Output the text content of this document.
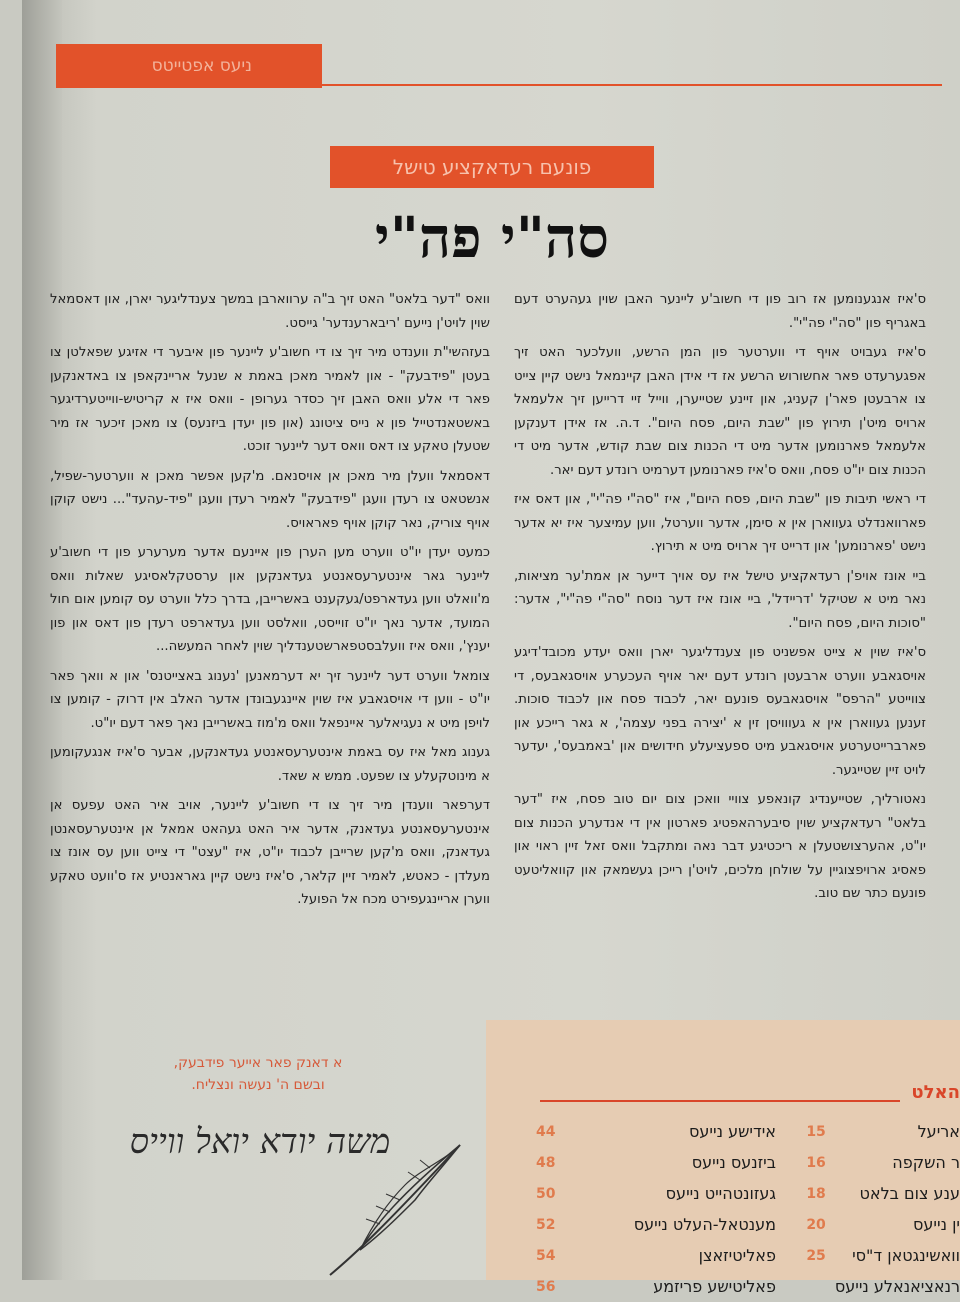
ניעס אפטייטס
פונעם רעדאקציע טישל
סה"י פה"י

ס'איז אנגענומען אז רוב פון די חשוב'ע ליינער האבן שוין געהערט דעם באגריף פון "סה"י פה"י".

ס'איז געבויט אויף די ווערטער פון המן הרשע, וועלכער האט זיך אפגערעדט פאר אחשורוש הרשע אז די אידן האבן קיינמאל נישט קיין צייט צו ארבעטן פאר'ן קעניג, און זיינע שטייערן, ווייל זיי דרייען זיך אלעמאל ארויס מיט'ן תירוץ פון "שבת היום, פסח היום". ד.ה. אז אידן דענקען אלעמאל פארנומען אדער מיט די הכנות צום שבת קודש, אדער מיט די הכנות צום יו"ט פסח, וואס ס'איז פארנומען דערמיט רונדע דעם יאר.

די ראשי תיבות פון "שבת היום, פסח היום", איז "סה"י פה"י", און דאס איז פארוואנדלט געווארן אין א סימן, אדער ווערטל, ווען עמיצער איז יא אדער נישט 'פארנומען' און דרייט זיך ארויס מיט א תירוץ.

ביי אונז אויפ'ן רעדאקציע טישל איז עס אויך דייער אן אמת'ער מציאות, נאר מיט א שטיקל 'דריידל', ביי אונז איז דער נוסח "סה"י פה"י", אדער: "סוכות היום, פסח היום".

ס'איז שוין א צייט אפשניט פון צענדליגער יארן וואס יעדע מכובד'דיגע אויסגאבע ווערט ארבעטן רונדע דעם יאר אויף העכערע אויסגאבעס, די צווייטע "הרפס" אויסגאבעס פונעם יאר, לכבוד פסח און לכבוד סוכות. זענען געווארן אין א געווויסן זין א 'יצירה בפני עצמה', א גאר רייכע און פארברייטערטע אויסגאבע מיט ספעציעלע חידושים און 'באמבעס', יעדער לויט זיין שטייגער.

נאטורליך, שטייענדיג קונאפע צוויי וואכן צום יום טוב פסח, איז "דער בלאט" רעדאקציע שוין סיבערהאפטיג פארטון אין די אנדערע הכנות צום יו"ט, אהערצושטעלן א ריכטיגע דבר נאה ומתקבל וואס זאל זיין ראוי און פאסיג ארויפצוגיין על שולחן מלכים, לויט'ן רייכן געשמאק און קוואליטעט פונעם כתר שם טוב.

וואס "דער בלאט" האט זיך ב"ה ערווארבן במשך צענדליגער יארן, און דאסמאל שוין לויט'ן נייעם 'ריבארענדער' גייסט.

בעזהשי"ת ווענדט מיר זיך צו די חשוב'ע ליינער פון איבער די אזיגע שפאלטן צו בעטן "פידבעק" - און לאמיר מאכן באמת א שנעל אריינקאפן צו באדאנקען פאר די אלע וואס האבן זיך כסדר גערופן - וואס איז א קריטיש-ווייטערדיגער באשטאנדטייל פון א נייס ציטונג (און פון יעדן ביזנעס) צו מאכן זיכער אז מיר שטעלן טאקע צו דאס וואס דער ליינער זוכט.

דאסמאל וועלן מיר מאכן אן אויסנאם. מ'קען אפשר מאכן א ווערטער-שפיל, אנשטאט צו רעדן וועגן "פידבעק" לאמיר רעדן וועגן "פיד-עהעד"... נישט קוקן אויף צוריק, נאר קוקן אויף פאראויס.

כמעט יעדן יו"ט ווערט מען הערן פון איינעם אדער מערערע פון די חשוב'ע ליינער גאר אינטערעסאנטע געדאנקען און ערסטקלאסיגע שאלות וואס מ'וואלט ווען געדארפט/געקענט באשרייבן, בדרך כלל ווערט עס קומען אום חול המועד, אדער נאך יו"ט זוייסט, וואלסט ווען געדארפט רעדן פון דאס און פון יענץ', וואס איז וועלבסטפארשטענדליך שוין לאחר המעשה...

צומאל ווערט דער ליינער זיך יא דערמאנען 'נענוג באצייטנס' און א וואך פאר יו"ט - ווען די אויסגאבע איז שוין איינגעבונדן אדער האלב אין דרוק - קומען צו לויפן מיט א נעגיאלער איינפאל וואס מ'מוז באשרייבן נאך פאר דעם יו"ט.

גענוג מאל איז עס באמת אינטערעסאנטע געדאנקען, אבער ס'איז אנגעקומען א מינוטקעלע צו שפעט. ממש א שאד.

דערפאר ווענדן מיר זיך צו די חשוב'ע ליינער, אויב איר האט עפעס אן אינטערעסאנטע געדאנק, אדער איר האט געהאט אמאל אן אינטערעסאנטן געדאנק, וואס מ'קען שרייבן לכבוד יו"ט, איז "עצט" די צייט ווען עס אונז צו מעלדן - כאטש, לאמיר זיין קלאר, ס'איז נישט קיין גאראנטיע אז ס'וועט טאקע ווערן אריינגעפירט מכח אל הפועל.

א דאנק פאר אייער פידבעק,
ובשם ה' נעשה ונצליח.
משה יודא יואל ווייס
האלט
אידישע נייעס
44
ביזנעס נייעס
48
געזונטהייט נייעס
50
מענטאל-העלט נייעס
52
פאליטיזאצן
54
פאליטישע פריזמע
56
אריעל
15
ר השקפה
16
ענע צום בלאט
18
ין נייעס
20
וואשינגטאן ד"סי
25
רנאציאנאלע נייעס
